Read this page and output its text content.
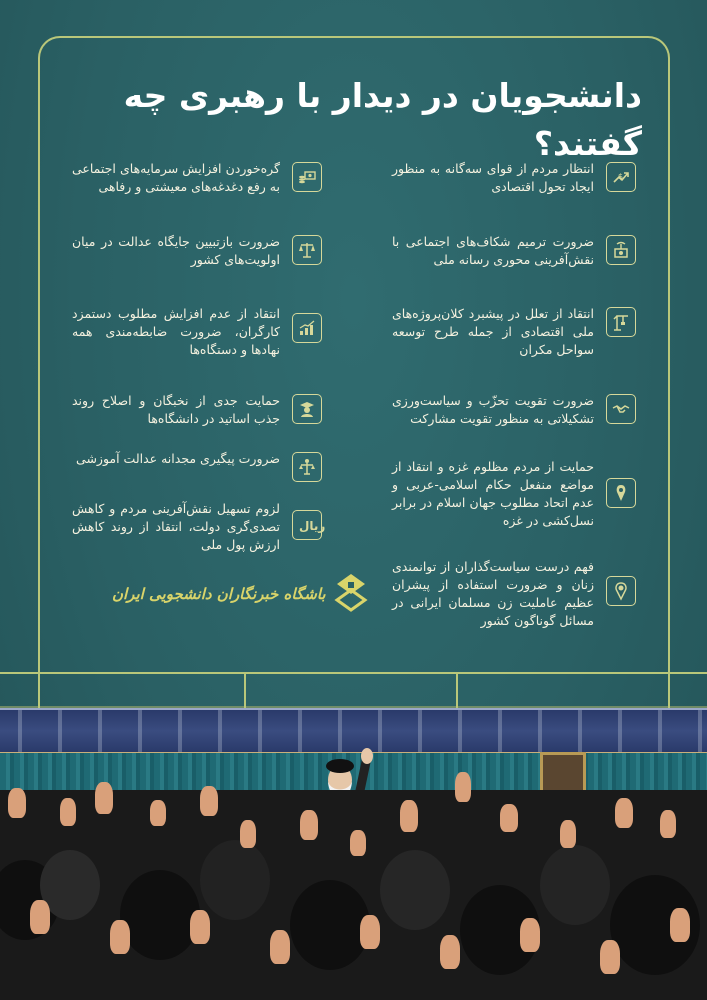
دانشجویان در دیدار با رهبری چه گفتند؟
$
انتظار مردم از قوای سه‌گانه به منظور ایجاد تحول اقتصادی
ضرورت ترمیم شکاف‌های اجتماعی با نقش‌آفرینی محوری رسانه ملی
انتقاد از تعلل در پیشبرد کلان‌پروژه‌های ملی اقتصادی از جمله طرح توسعه سواحل مکران
ضرورت تقویت تحزّب و سیاست‌ورزی تشکیلاتی به منظور تقویت مشارکت
حمایت از مردم مظلوم غزه و انتقاد از مواضع منفعل حکام اسلامی-عربی و عدم اتحاد مطلوب جهان اسلام در برابر نسل‌کشی در غزه
فهم درست سیاست‌گذاران از توانمندی زنان و ضرورت استفاده از پیشران عظیم عاملیت زن مسلمان ایرانی در مسائل گوناگون کشور
گره‌خوردن افزایش سرمایه‌های اجتماعی به رفع دغدغه‌های معیشتی و رفاهی
ضرورت بازتبیین جایگاه عدالت در میان اولویت‌های کشور
انتقاد از عدم افزایش مطلوب دستمزد کارگران، ضرورت ضابطه‌مندی همه نهادها و دستگاه‌ها
حمایت جدی از نخبگان و اصلاح روند جذب اساتید در دانشگاه‌ها
ضرورت پیگیری مجدانه عدالت آموزشی
ریال
لزوم تسهیل نقش‌آفرینی مردم و کاهش تصدی‌گری دولت، انتقاد از روند کاهش ارزش پول ملی
باشگاه خبرنگاران دانشجویی ایران
